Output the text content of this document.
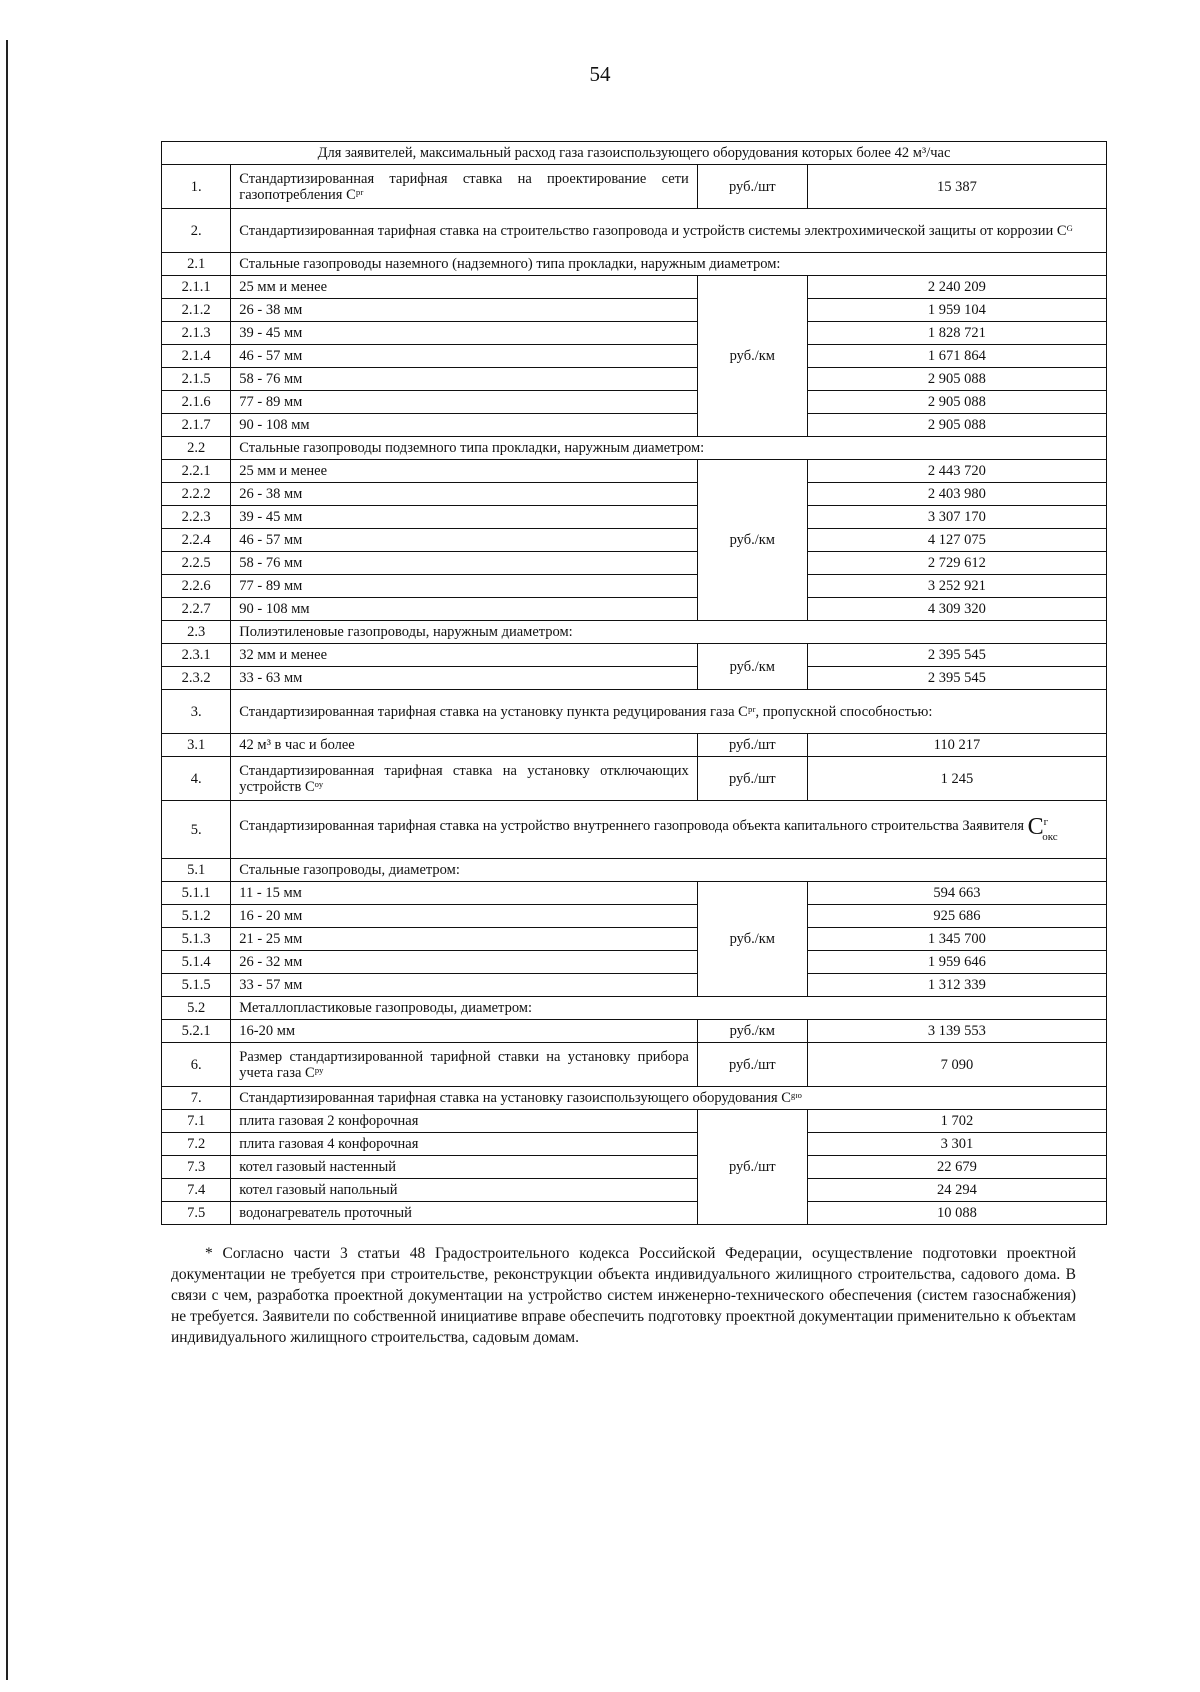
54
Для заявителей, максимальный расход газа газоиспользующего оборудования которых более 42 м³/час			
1.	Стандартизированная тарифная ставка на проектирование сети газопотребления Cᵖʳ	руб./шт	15 387
2.	Стандартизированная тарифная ставка на строительство газопровода и устройств системы электрохимической защиты от коррозии Cᴳ		
2.1	Стальные газопроводы наземного (надземного) типа прокладки, наружным диаметром:		
2.1.1	25 мм и менее	руб./км	2 240 209
2.1.2	26 - 38 мм		1 959 104
2.1.3	39 - 45 мм		1 828 721
2.1.4	46 - 57 мм		1 671 864
2.1.5	58 - 76 мм		2 905 088
2.1.6	77 - 89 мм		2 905 088
2.1.7	90 - 108 мм		2 905 088
2.2	Стальные газопроводы подземного типа прокладки, наружным диаметром:		
2.2.1	25 мм и менее	руб./км	2 443 720
2.2.2	26 - 38 мм		2 403 980
2.2.3	39 - 45 мм		3 307 170
2.2.4	46 - 57 мм		4 127 075
2.2.5	58 - 76 мм		2 729 612
2.2.6	77 - 89 мм		3 252 921
2.2.7	90 - 108 мм		4 309 320
2.3	Полиэтиленовые газопроводы, наружным диаметром:		
2.3.1	32 мм и менее	руб./км	2 395 545
2.3.2	33 - 63 мм		2 395 545
3.	Стандартизированная тарифная ставка на установку пункта редуцирования газа Cᵖʳ, пропускной способностью:		
3.1	42 м³ в час и более	руб./шт	110 217
4.	Стандартизированная тарифная ставка на установку отключающих устройств Cᵒʸ	руб./шт	1 245
5.	Стандартизированная тарифная ставка на устройство внутреннего газопровода объекта капитального строительства Заявителя $C^г_{окс}$
5.1	Стальные газопроводы, диаметром:		
5.1.1	11 - 15 мм	руб./км	594 663
5.1.2	16 - 20 мм		925 686
5.1.3	21 - 25 мм		1 345 700
5.1.4	26 - 32 мм		1 959 646
5.1.5	33 - 57 мм		1 312 339
5.2	Металлопластиковые газопроводы, диаметром:		
5.2.1	16-20 мм	руб./км	3 139 553
6.	Размер стандартизированной тарифной ставки на установку прибора учета газа Cᵖʸ	руб./шт	7 090
7.	Стандартизированная тарифная ставка на установку газоиспользующего оборудования Cᵍᶦᵒ		
7.1	плита газовая 2 конфорочная	руб./шт	1 702
7.2	плита газовая 4 конфорочная		3 301
7.3	котел газовый настенный		22 679
7.4	котел газовый напольный		24 294
7.5	водонагреватель проточный		10 088
* Согласно части 3 статьи 48 Градостроительного кодекса Российской Федерации, осуществление подготовки проектной документации не требуется при строительстве, реконструкции объекта индивидуального жилищного строительства, садового дома. В связи с чем, разработка проектной документации на устройство систем инженерно-технического обеспечения (систем газоснабжения) не требуется. Заявители по собственной инициативе вправе обеспечить подготовку проектной документации применительно к объектам индивидуального жилищного строительства, садовым домам.
